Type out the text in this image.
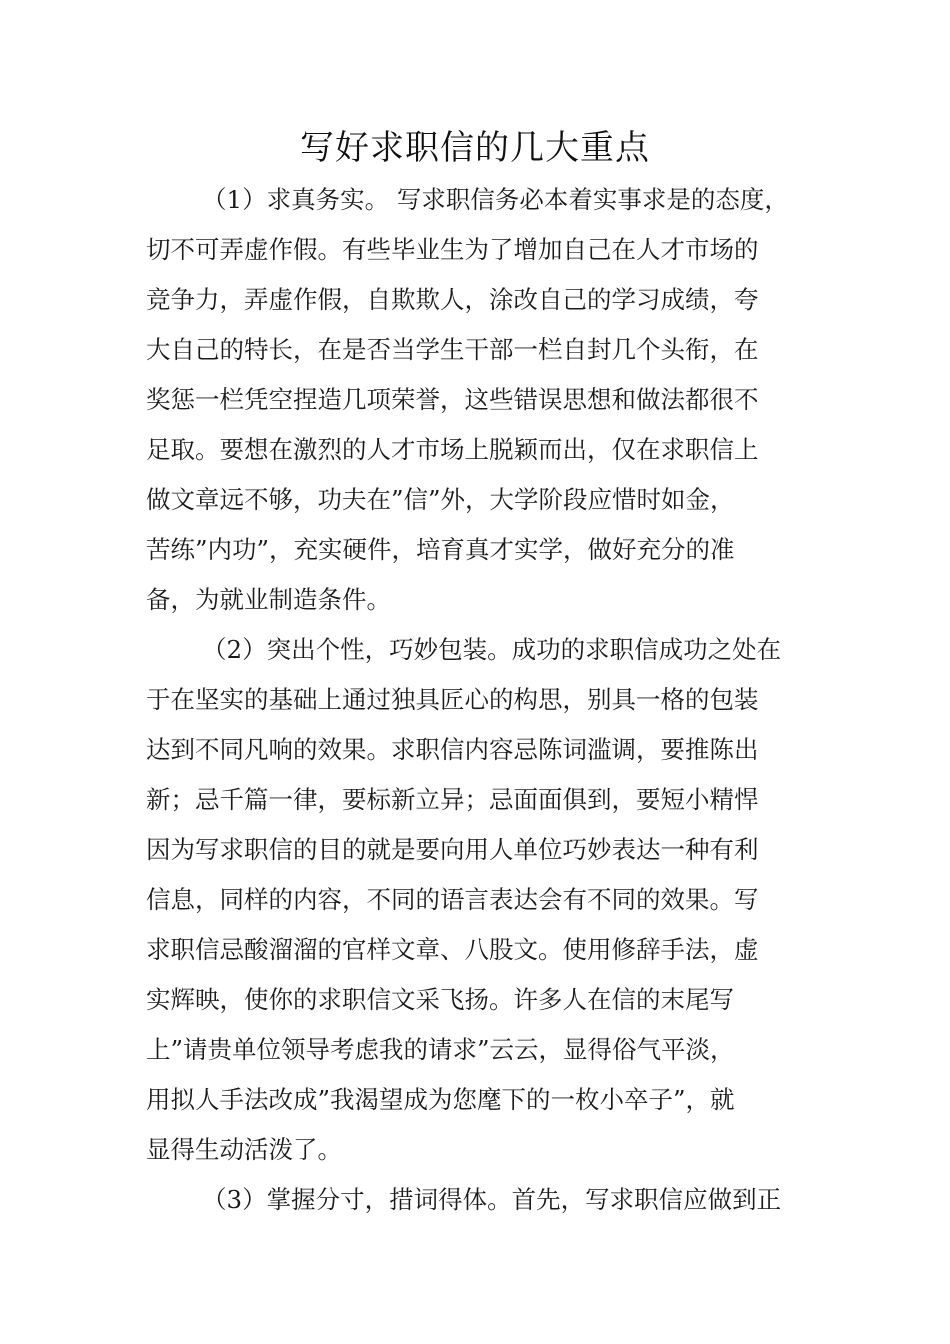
写好求职信的几大重点
（1）求真务实。 写求职信务必本着实事求是的态度，
切不可弄虚作假。有些毕业生为了增加自己在人才市场的
竞争力，弄虚作假，自欺欺人，涂改自己的学习成绩，夸
大自己的特长，在是否当学生干部一栏自封几个头衔，在
奖惩一栏凭空捏造几项荣誉，这些错误思想和做法都很不
足取。要想在激烈的人才市场上脱颖而出，仅在求职信上
做文章远不够，功夫在”信”外，大学阶段应惜时如金，
苦练”内功”，充实硬件，培育真才实学，做好充分的准
备，为就业制造条件。
（2）突出个性，巧妙包装。成功的求职信成功之处在
于在坚实的基础上通过独具匠心的构思，别具一格的包装
达到不同凡响的效果。求职信内容忌陈词滥调，要推陈出
新；忌千篇一律，要标新立异；忌面面俱到，要短小精悍
因为写求职信的目的就是要向用人单位巧妙表达一种有利
信息，同样的内容，不同的语言表达会有不同的效果。写
求职信忌酸溜溜的官样文章、八股文。使用修辞手法，虚
实辉映，使你的求职信文采飞扬。许多人在信的末尾写
上”请贵单位领导考虑我的请求”云云，显得俗气平淡，
用拟人手法改成”我渴望成为您麾下的一枚小卒子”，就
显得生动活泼了。
（3）掌握分寸，措词得体。首先，写求职信应做到正
